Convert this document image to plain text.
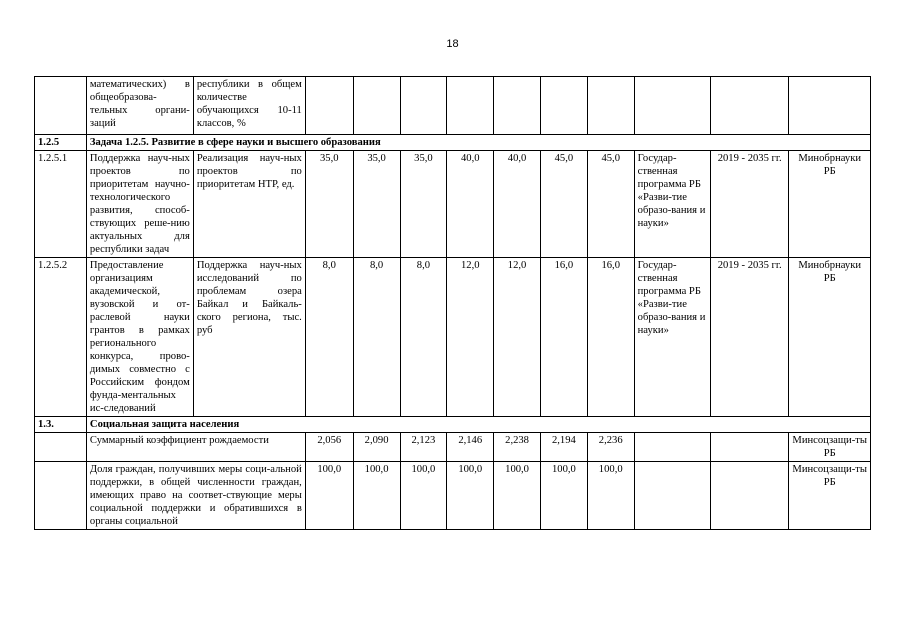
18
	математических) в общеобразова-тельных органи-заций	республики в общем количестве обучающихся 10-11 классов, %										
1.2.5	Задача 1.2.5. Развитие в сфере науки и высшего образования											
1.2.5.1	Поддержка науч-ных проектов по приоритетам научно-технологического развития, способ-ствующих реше-нию актуальных для республики задач	Реализация науч-ных проектов по приоритетам НТР, ед.	35,0	35,0	35,0	40,0	40,0	45,0	45,0	Государ-ственная программа РБ «Разви-тие образо-вания и науки»	2019 - 2035 гг.	Минобрнауки РБ
1.2.5.2	Предоставление организациям академической, вузовской и от-раслевой науки грантов в рамках регионального конкурса, прово-димых совместно с Российским фондом фунда-ментальных ис-следований	Поддержка науч-ных исследований по проблемам озера Байкал и Байкаль-ского региона, тыс. руб	8,0	8,0	8,0	12,0	12,0	16,0	16,0	Государ-ственная программа РБ «Разви-тие образо-вания и науки»	2019 - 2035 гг.	Минобрнауки РБ
1.3.	Социальная защита населения											
	Суммарный коэффициент рождаемости		2,056	2,090	2,123	2,146	2,238	2,194	2,236			Минсоцзащи-ты РБ
	Доля граждан, получивших меры соци-альной поддержки, в общей численности граждан, имеющих право на соответ-ствующие меры социальной поддержки и обратившихся в органы социальной		100,0	100,0	100,0	100,0	100,0	100,0	100,0			Минсоцзащи-ты РБ
